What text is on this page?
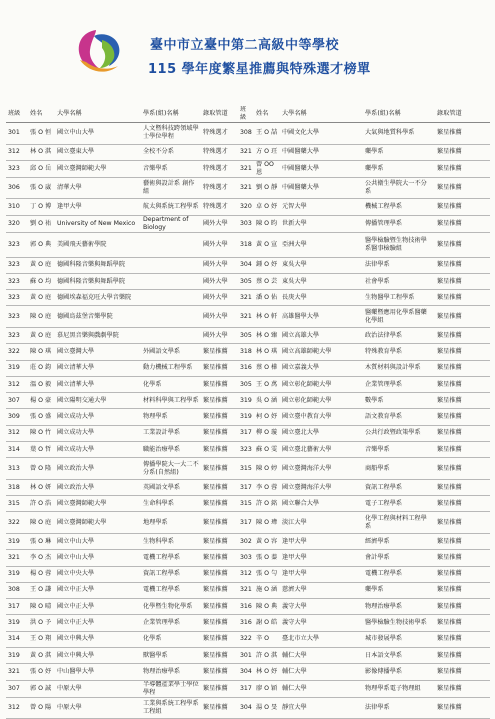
臺中市立臺中第二高級中等學校
115 學年度繁星推薦與特殊選才榜單
班級	姓名	大學名稱	學系(組)名稱	錄取管道	班級	姓名	大學名稱	學系(組)名稱	錄取管道
301	張 O 恒	國立中山大學	人文暨科技跨領域學士學位學程	特殊選才	308	王 O 喆	中國文化大學	大氣與地質科學系	繁星推薦
312	林 O 淇	國立臺東大學	全校不分系	特殊選才	321	方 O 玨	中國醫藥大學	藥學系	繁星推薦
323	邱 O 岳	國立臺灣師範大學	音樂學系	特殊選才	321	曾 OO 恩	中國醫藥大學	藥學系	繁星推薦
306	張 O 崴	清華大學	藝術與設計系 創作組	特殊選才	321	劉 O 靜	中國醫藥大學	公共衛生學院大一不分系	繁星推薦
310	丁 O 博	逢甲大學	航太與系統工程學系	特殊選才	320	卓 O 妤	元智大學	機械工程學系	繁星推薦
320	劉 O 祐	University of New Mexico	Department of Biology	國外大學	303	陳 O 昀	世新大學	傳播管理學系	繁星推薦
323	郭 O 典	美國飛天藝術學院		國外大學	318	黃 O 宣	亞洲大學	醫學檢驗暨生物技術學系醫事檢驗組	繁星推薦
323	黃 O 庭	德國科隆音樂與舞蹈學院		國外大學	304	鍾 O 妤	東吳大學	法律學系	繁星推薦
323	蘇 O 均	德國科隆音樂與舞蹈學院		國外大學	305	蔡 O 芸	東吳大學	社會學系	繁星推薦
323	黃 O 庭	德國埃森福克旺大學音樂院		國外大學	321	潘 O 佑	長庚大學	生物醫學工程學系	繁星推薦
323	陳 O 庭	德國烏茲堡音樂學院		國外大學	321	林 O 軒	高雄醫學大學	醫藥暨應用化學系醫藥化學組	繁星推薦
323	黃 O 庭	慕尼黑音樂與戲劇學院		國外大學	305	林 O 臻	國立高雄大學	政治法律學系	繁星推薦
322	陳 O 琪	國立臺灣大學	外國語文學系	繁星推薦	318	林 O 琪	國立高雄師範大學	特殊教育學系	繁星推薦
319	莊 O 鈞	國立清華大學	動力機械工程學系	繁星推薦	316	蔡 O 樺	國立嘉義大學	木質材料與設計學系	繁星推薦
312	溫 O 毅	國立清華大學	化學系	繁星推薦	305	王 O 萬	國立彰化師範大學	企業管理學系	繁星推薦
307	楊 O 豪	國立陽明交通大學	材料科學與工程學系	繁星推薦	319	吳 O 涵	國立彰化師範大學	數學系	繁星推薦
309	張 O 盛	國立成功大學	物理學系	繁星推薦	319	柯 O 妤	國立臺中教育大學	語文教育學系	繁星推薦
312	陳 O 竹	國立成功大學	工業設計學系	繁星推薦	317	柳 O 璇	國立臺北大學	公共行政暨政策學系	繁星推薦
314	葉 O 哲	國立成功大學	職能治療學系	繁星推薦	323	蘇 O 雯	國立臺北藝術大學	音樂學系	繁星推薦
313	曾 O 隆	國立政治大學	傳播學院大一大二不分系(自然組)	繁星推薦	315	陳 O 婷	國立臺灣海洋大學	商船學系	繁星推薦
318	林 O 妍	國立政治大學	英國語文學系	繁星推薦	317	李 O 蓉	國立臺灣海洋大學	資訊工程學系	繁星推薦
315	許 O 浩	國立臺灣師範大學	生命科學系	繁星推薦	315	許 O 銘	國立聯合大學	電子工程學系	繁星推薦
322	陳 O 庭	國立臺灣師範大學	地理學系	繁星推薦	317	陳 O 瑋	淡江大學	化學工程與材料工程學系	繁星推薦
319	張 O 琳	國立中山大學	生物科學系	繁星推薦	302	黃 O 容	逢甲大學	經濟學系	繁星推薦
321	李 O 杰	國立中山大學	電機工程學系	繁星推薦	303	張 O 蓁	逢甲大學	會計學系	繁星推薦
319	楊 O 蓉	國立中央大學	資訊工程學系	繁星推薦	312	張 O 勻	逢甲大學	電機工程學系	繁星推薦
308	王 O 謙	國立中正大學	電機工程學系	繁星推薦	321	施 O 涵	慈濟大學	藥學系	繁星推薦
317	陳 O 晴	國立中正大學	化學暨生物化學系	繁星推薦	316	陳 O 典	義守大學	物理治療學系	繁星推薦
319	洪 O 予	國立中正大學	企業管理學系	繁星推薦	316	謝 O 皓	義守大學	醫學檢驗生物技術學系	繁星推薦
314	王 O 翔	國立中興大學	化學系	繁星推薦	322	辛 O	臺北市立大學	城市發展學系	繁星推薦
319	黃 O 淇	國立中興大學	獸醫學系	繁星推薦	301	許 O 淇	輔仁大學	日本語文學系	繁星推薦
321	張 O 妤	中山醫學大學	物理治療學系	繁星推薦	304	林 O 妤	輔仁大學	影像傳播學系	繁星推薦
307	郭 O 誠	中原大學	半導體產業學士學位學程	繁星推薦	317	廖 O 穎	輔仁大學	物理學系電子物理組	繁星推薦
312	曾 O 陽	中原大學	工業與系統工程學系工程組	繁星推薦	304	湯 O 旻	靜宜大學	法律學系	繁星推薦
